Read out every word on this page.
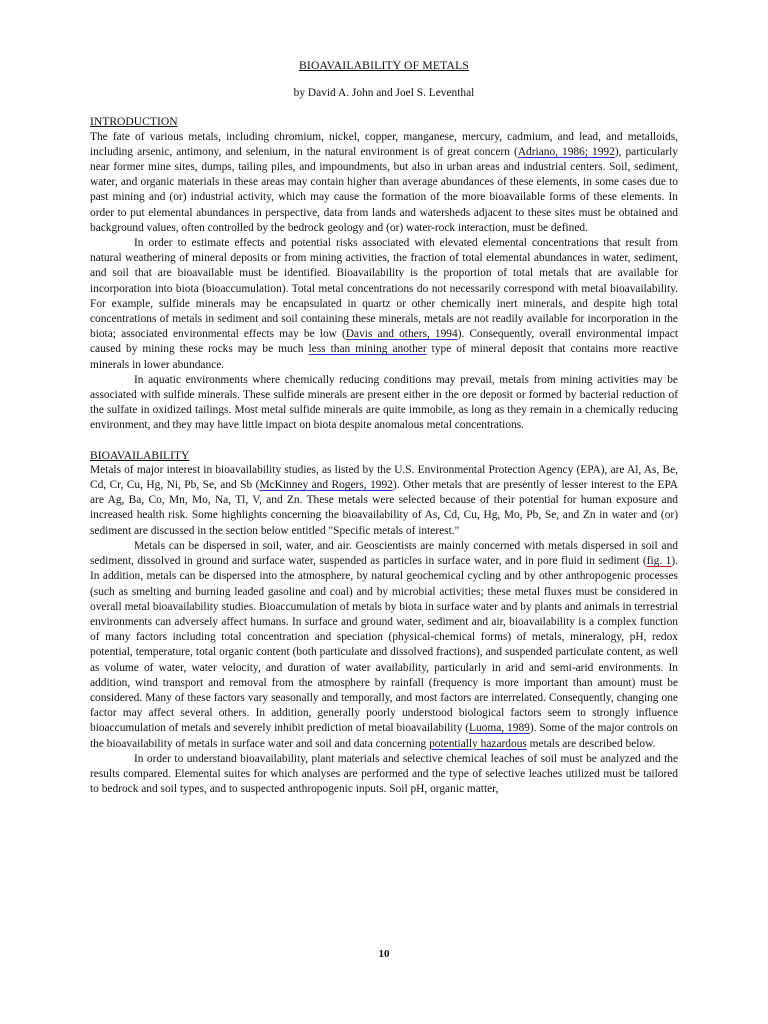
BIOAVAILABILITY OF METALS
by David A. John and Joel S. Leventhal
INTRODUCTION

The fate of various metals, including chromium, nickel, copper, manganese, mercury, cadmium, and lead, and metalloids, including arsenic, antimony, and selenium, in the natural environment is of great concern (Adriano, 1986; 1992), particularly near former mine sites, dumps, tailing piles, and impoundments, but also in urban areas and industrial centers. Soil, sediment, water, and organic materials in these areas may contain higher than average abundances of these elements, in some cases due to past mining and (or) industrial activity, which may cause the formation of the more bioavailable forms of these elements. In order to put elemental abundances in perspective, data from lands and watersheds adjacent to these sites must be obtained and background values, often controlled by the bedrock geology and (or) water-rock interaction, must be defined.

In order to estimate effects and potential risks associated with elevated elemental concentrations that result from natural weathering of mineral deposits or from mining activities, the fraction of total elemental abundances in water, sediment, and soil that are bioavailable must be identified. Bioavailability is the proportion of total metals that are available for incorporation into biota (bioaccumulation). Total metal concentrations do not necessarily correspond with metal bioavailability. For example, sulfide minerals may be encapsulated in quartz or other chemically inert minerals, and despite high total concentrations of metals in sediment and soil containing these minerals, metals are not readily available for incorporation in the biota; associated environmental effects may be low (Davis and others, 1994). Consequently, overall environmental impact caused by mining these rocks may be much less than mining another type of mineral deposit that contains more reactive minerals in lower abundance.

In aquatic environments where chemically reducing conditions may prevail, metals from mining activities may be associated with sulfide minerals. These sulfide minerals are present either in the ore deposit or formed by bacterial reduction of the sulfate in oxidized tailings. Most metal sulfide minerals are quite immobile, as long as they remain in a chemically reducing environment, and they may have little impact on biota despite anomalous metal concentrations.

BIOAVAILABILITY

Metals of major interest in bioavailability studies, as listed by the U.S. Environmental Protection Agency (EPA), are Al, As, Be, Cd, Cr, Cu, Hg, Ni, Pb, Se, and Sb (McKinney and Rogers, 1992). Other metals that are presently of lesser interest to the EPA are Ag, Ba, Co, Mn, Mo, Na, Tl, V, and Zn. These metals were selected because of their potential for human exposure and increased health risk. Some highlights concerning the bioavailability of As, Cd, Cu, Hg, Mo, Pb, Se, and Zn in water and (or) sediment are discussed in the section below entitled "Specific metals of interest."

Metals can be dispersed in soil, water, and air. Geoscientists are mainly concerned with metals dispersed in soil and sediment, dissolved in ground and surface water, suspended as particles in surface water, and in pore fluid in sediment (fig. 1). In addition, metals can be dispersed into the atmosphere, by natural geochemical cycling and by other anthropogenic processes (such as smelting and burning leaded gasoline and coal) and by microbial activities; these metal fluxes must be considered in overall metal bioavailability studies. Bioaccumulation of metals by biota in surface water and by plants and animals in terrestrial environments can adversely affect humans. In surface and ground water, sediment and air, bioavailability is a complex function of many factors including total concentration and speciation (physical-chemical forms) of metals, mineralogy, pH, redox potential, temperature, total organic content (both particulate and dissolved fractions), and suspended particulate content, as well as volume of water, water velocity, and duration of water availability, particularly in arid and semi-arid environments. In addition, wind transport and removal from the atmosphere by rainfall (frequency is more important than amount) must be considered. Many of these factors vary seasonally and temporally, and most factors are interrelated. Consequently, changing one factor may affect several others. In addition, generally poorly understood biological factors seem to strongly influence bioaccumulation of metals and severely inhibit prediction of metal bioavailability (Luoma, 1989). Some of the major controls on the bioavailability of metals in surface water and soil and data concerning potentially hazardous metals are described below.

In order to understand bioavailability, plant materials and selective chemical leaches of soil must be analyzed and the results compared. Elemental suites for which analyses are performed and the type of selective leaches utilized must be tailored to bedrock and soil types, and to suspected anthropogenic inputs. Soil pH, organic matter,

10
